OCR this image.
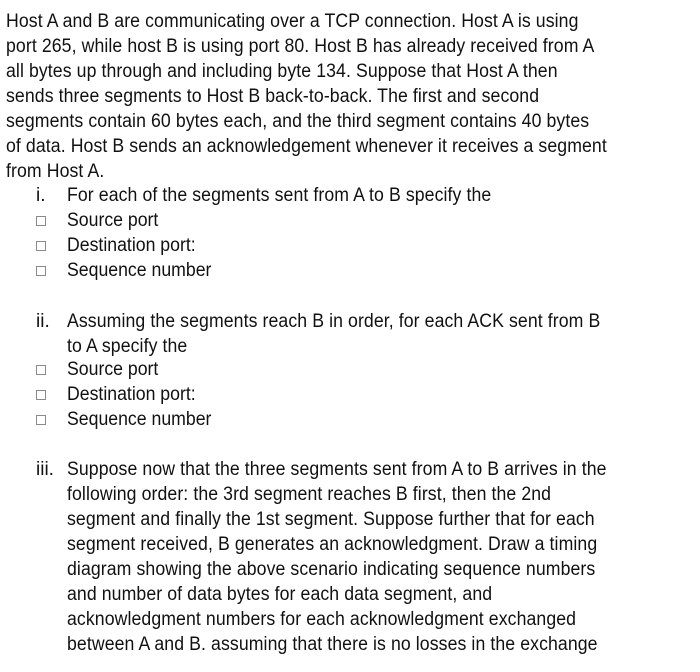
Host A and B are communicating over a TCP connection. Host A is using
port 265, while host B is using port 80. Host B has already received from A
all bytes up through and including byte 134. Suppose that Host A then
sends three segments to Host B back-to-back. The first and second
segments contain 60 bytes each, and the third segment contains 40 bytes
of data. Host B sends an acknowledgement whenever it receives a segment
from Host A.
i. For each of the segments sent from A to B specify the
Source port
Destination port:
Sequence number
ii. Assuming the segments reach B in order, for each ACK sent from B
to A specify the
Source port
Destination port:
Sequence number
iii. Suppose now that the three segments sent from A to B arrives in the
following order: the 3rd segment reaches B first, then the 2nd
segment and finally the 1st segment. Suppose further that for each
segment received, B generates an acknowledgment. Draw a timing
diagram showing the above scenario indicating sequence numbers
and number of data bytes for each data segment, and
acknowledgment numbers for each acknowledgment exchanged
between A and B. assuming that there is no losses in the exchange
